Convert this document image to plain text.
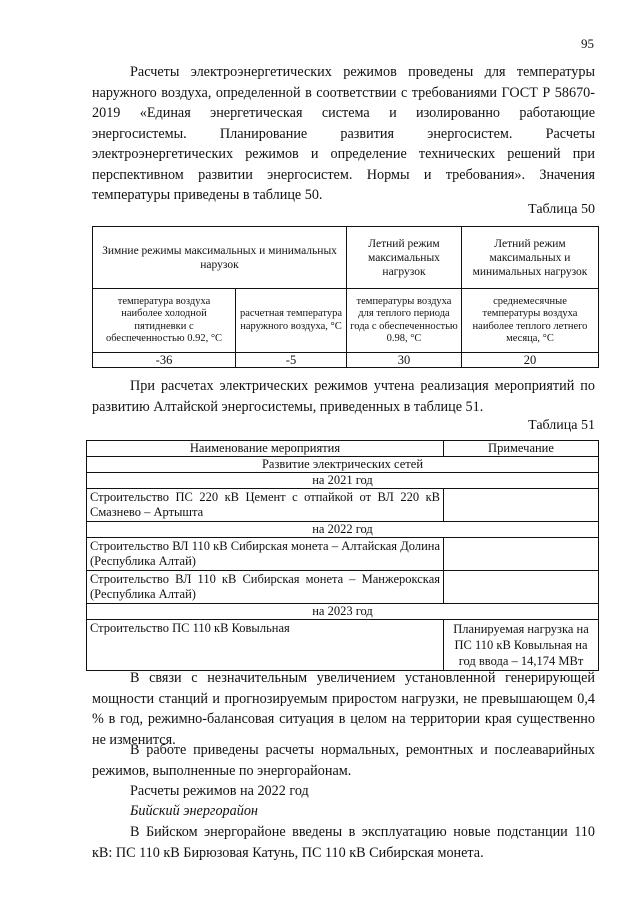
95

Расчеты электроэнергетических режимов проведены для температуры наружного воздуха, определенной в соответствии с требованиями ГОСТ Р 58670-2019 «Единая энергетическая система и изолированно работающие энергосистемы. Планирование развития энергосистем. Расчеты электроэнергетических режимов и определение технических решений при перспективном развитии энергосистем. Нормы и требования». Значения температуры приведены в таблице 50.

Таблица 50
Зимние режимы максимальных и минимальных нарузок		Летний режим максимальных нагрузок	Летний режим максимальных и минимальных нагрузок
температура воздуха наиболее холодной пятидневки с обеспеченностью 0.92, °С	расчетная температура наружного воздуха, °С	температуры воздуха для теплого периода года с обеспеченностью 0.98, °С	среднемесячные температуры воздуха наиболее теплого летнего месяца, °С
-36	-5	30	20

При расчетах электрических режимов учтена реализация мероприятий по развитию Алтайской энергосистемы, приведенных в таблице 51.

Таблица 51
Наименование мероприятия	Примечание
Развитие электрических сетей	
на 2021 год	
Строительство ПС 220 кВ Цемент с отпайкой от ВЛ 220 кВ Смазнево – Артышта	
на 2022 год	
Строительство ВЛ 110 кВ Сибирская монета – Алтайская Долина (Республика Алтай)	
Строительство ВЛ 110 кВ Сибирская монета – Манжерокская (Республика Алтай)	
на 2023 год	
Строительство ПС 110 кВ Ковыльная	Планируемая нагрузка на ПС 110 кВ Ковыльная на год ввода – 14,174 МВт

В связи с незначительным увеличением установленной генерирующей мощности станций и прогнозируемым приростом нагрузки, не превышающем 0,4 % в год, режимно-балансовая ситуация в целом на территории края существенно не изменится.

В работе приведены расчеты нормальных, ремонтных и послеаварийных режимов, выполненные по энергорайонам.

Расчеты режимов на 2022 год

Бийский энергорайон

В Бийском энергорайоне введены в эксплуатацию новые подстанции 110 кВ: ПС 110 кВ Бирюзовая Катунь, ПС 110 кВ Сибирская монета.
